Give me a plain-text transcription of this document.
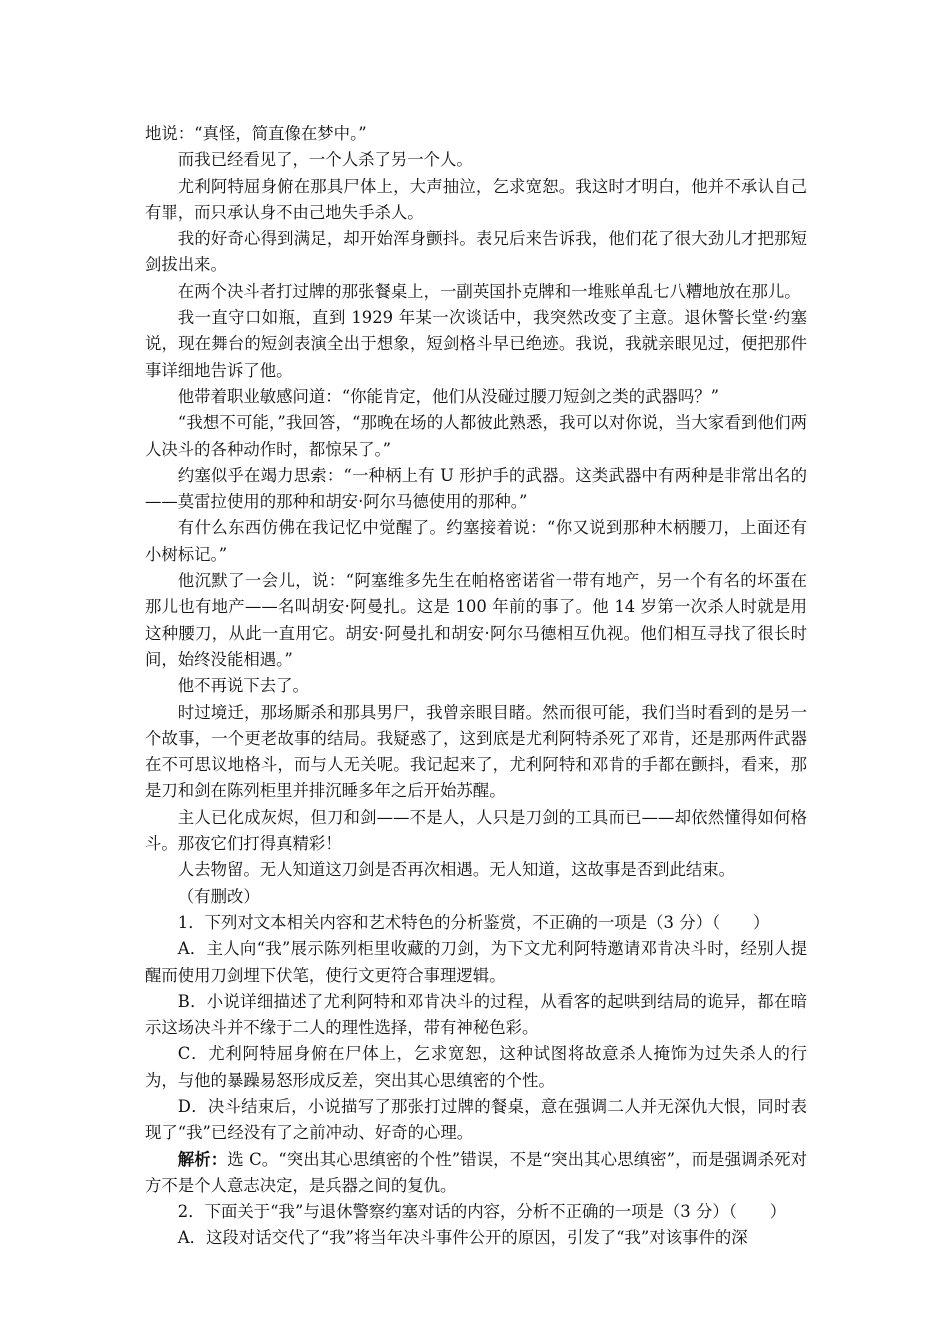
地说：“真怪，简直像在梦中。”

而我已经看见了，一个人杀了另一个人。

尤利阿特屈身俯在那具尸体上，大声抽泣，乞求宽恕。我这时才明白，他并不承认自己有罪，而只承认身不由己地失手杀人。

我的好奇心得到满足，却开始浑身颤抖。表兄后来告诉我，他们花了很大劲儿才把那短剑拔出来。

在两个决斗者打过牌的那张餐桌上，一副英国扑克牌和一堆账单乱七八糟地放在那儿。

我一直守口如瓶，直到 1929 年某一次谈话中，我突然改变了主意。退休警长堂·约塞说，现在舞台的短剑表演全出于想象，短剑格斗早已绝迹。我说，我就亲眼见过，便把那件事详细地告诉了他。

他带着职业敏感问道：“你能肯定，他们从没碰过腰刀短剑之类的武器吗？”

“我想不可能，”我回答，“那晚在场的人都彼此熟悉，我可以对你说，当大家看到他们两人决斗的各种动作时，都惊呆了。”

约塞似乎在竭力思索：“一种柄上有 U 形护手的武器。这类武器中有两种是非常出名的——莫雷拉使用的那种和胡安·阿尔马德使用的那种。”

有什么东西仿佛在我记忆中觉醒了。约塞接着说：“你又说到那种木柄腰刀，上面还有小树标记。”

他沉默了一会儿，说：“阿塞维多先生在帕格密诺省一带有地产，另一个有名的坏蛋在那儿也有地产——名叫胡安·阿曼扎。这是 100 年前的事了。他 14 岁第一次杀人时就是用这种腰刀，从此一直用它。胡安·阿曼扎和胡安·阿尔马德相互仇视。他们相互寻找了很长时间，始终没能相遇。”

他不再说下去了。

时过境迁，那场厮杀和那具男尸，我曾亲眼目睹。然而很可能，我们当时看到的是另一个故事，一个更老故事的结局。我疑惑了，这到底是尤利阿特杀死了邓肯，还是那两件武器在不可思议地格斗，而与人无关呢。我记起来了，尤利阿特和邓肯的手都在颤抖，看来，那是刀和剑在陈列柜里并排沉睡多年之后开始苏醒。

主人已化成灰烬，但刀和剑——不是人，人只是刀剑的工具而已——却依然懂得如何格斗。那夜它们打得真精彩！

人去物留。无人知道这刀剑是否再次相遇。无人知道，这故事是否到此结束。

（有删改）

1．下列对文本相关内容和艺术特色的分析鉴赏，不正确的一项是（3 分）（　　）

A．主人向“我”展示陈列柜里收藏的刀剑，为下文尤利阿特邀请邓肯决斗时，经别人提醒而使用刀剑埋下伏笔，使行文更符合事理逻辑。

B．小说详细描述了尤利阿特和邓肯决斗的过程，从看客的起哄到结局的诡异，都在暗示这场决斗并不缘于二人的理性选择，带有神秘色彩。

C．尤利阿特屈身俯在尸体上，乞求宽恕，这种试图将故意杀人掩饰为过失杀人的行为，与他的暴躁易怒形成反差，突出其心思缜密的个性。

D．决斗结束后，小说描写了那张打过牌的餐桌，意在强调二人并无深仇大恨，同时表现了“我”已经没有了之前冲动、好奇的心理。

解析：选 C。“突出其心思缜密的个性”错误，不是“突出其心思缜密”，而是强调杀死对方不是个人意志决定，是兵器之间的复仇。

2．下面关于“我”与退休警察约塞对话的内容，分析不正确的一项是（3 分）（　　）

A．这段对话交代了“我”将当年决斗事件公开的原因，引发了“我”对该事件的深
